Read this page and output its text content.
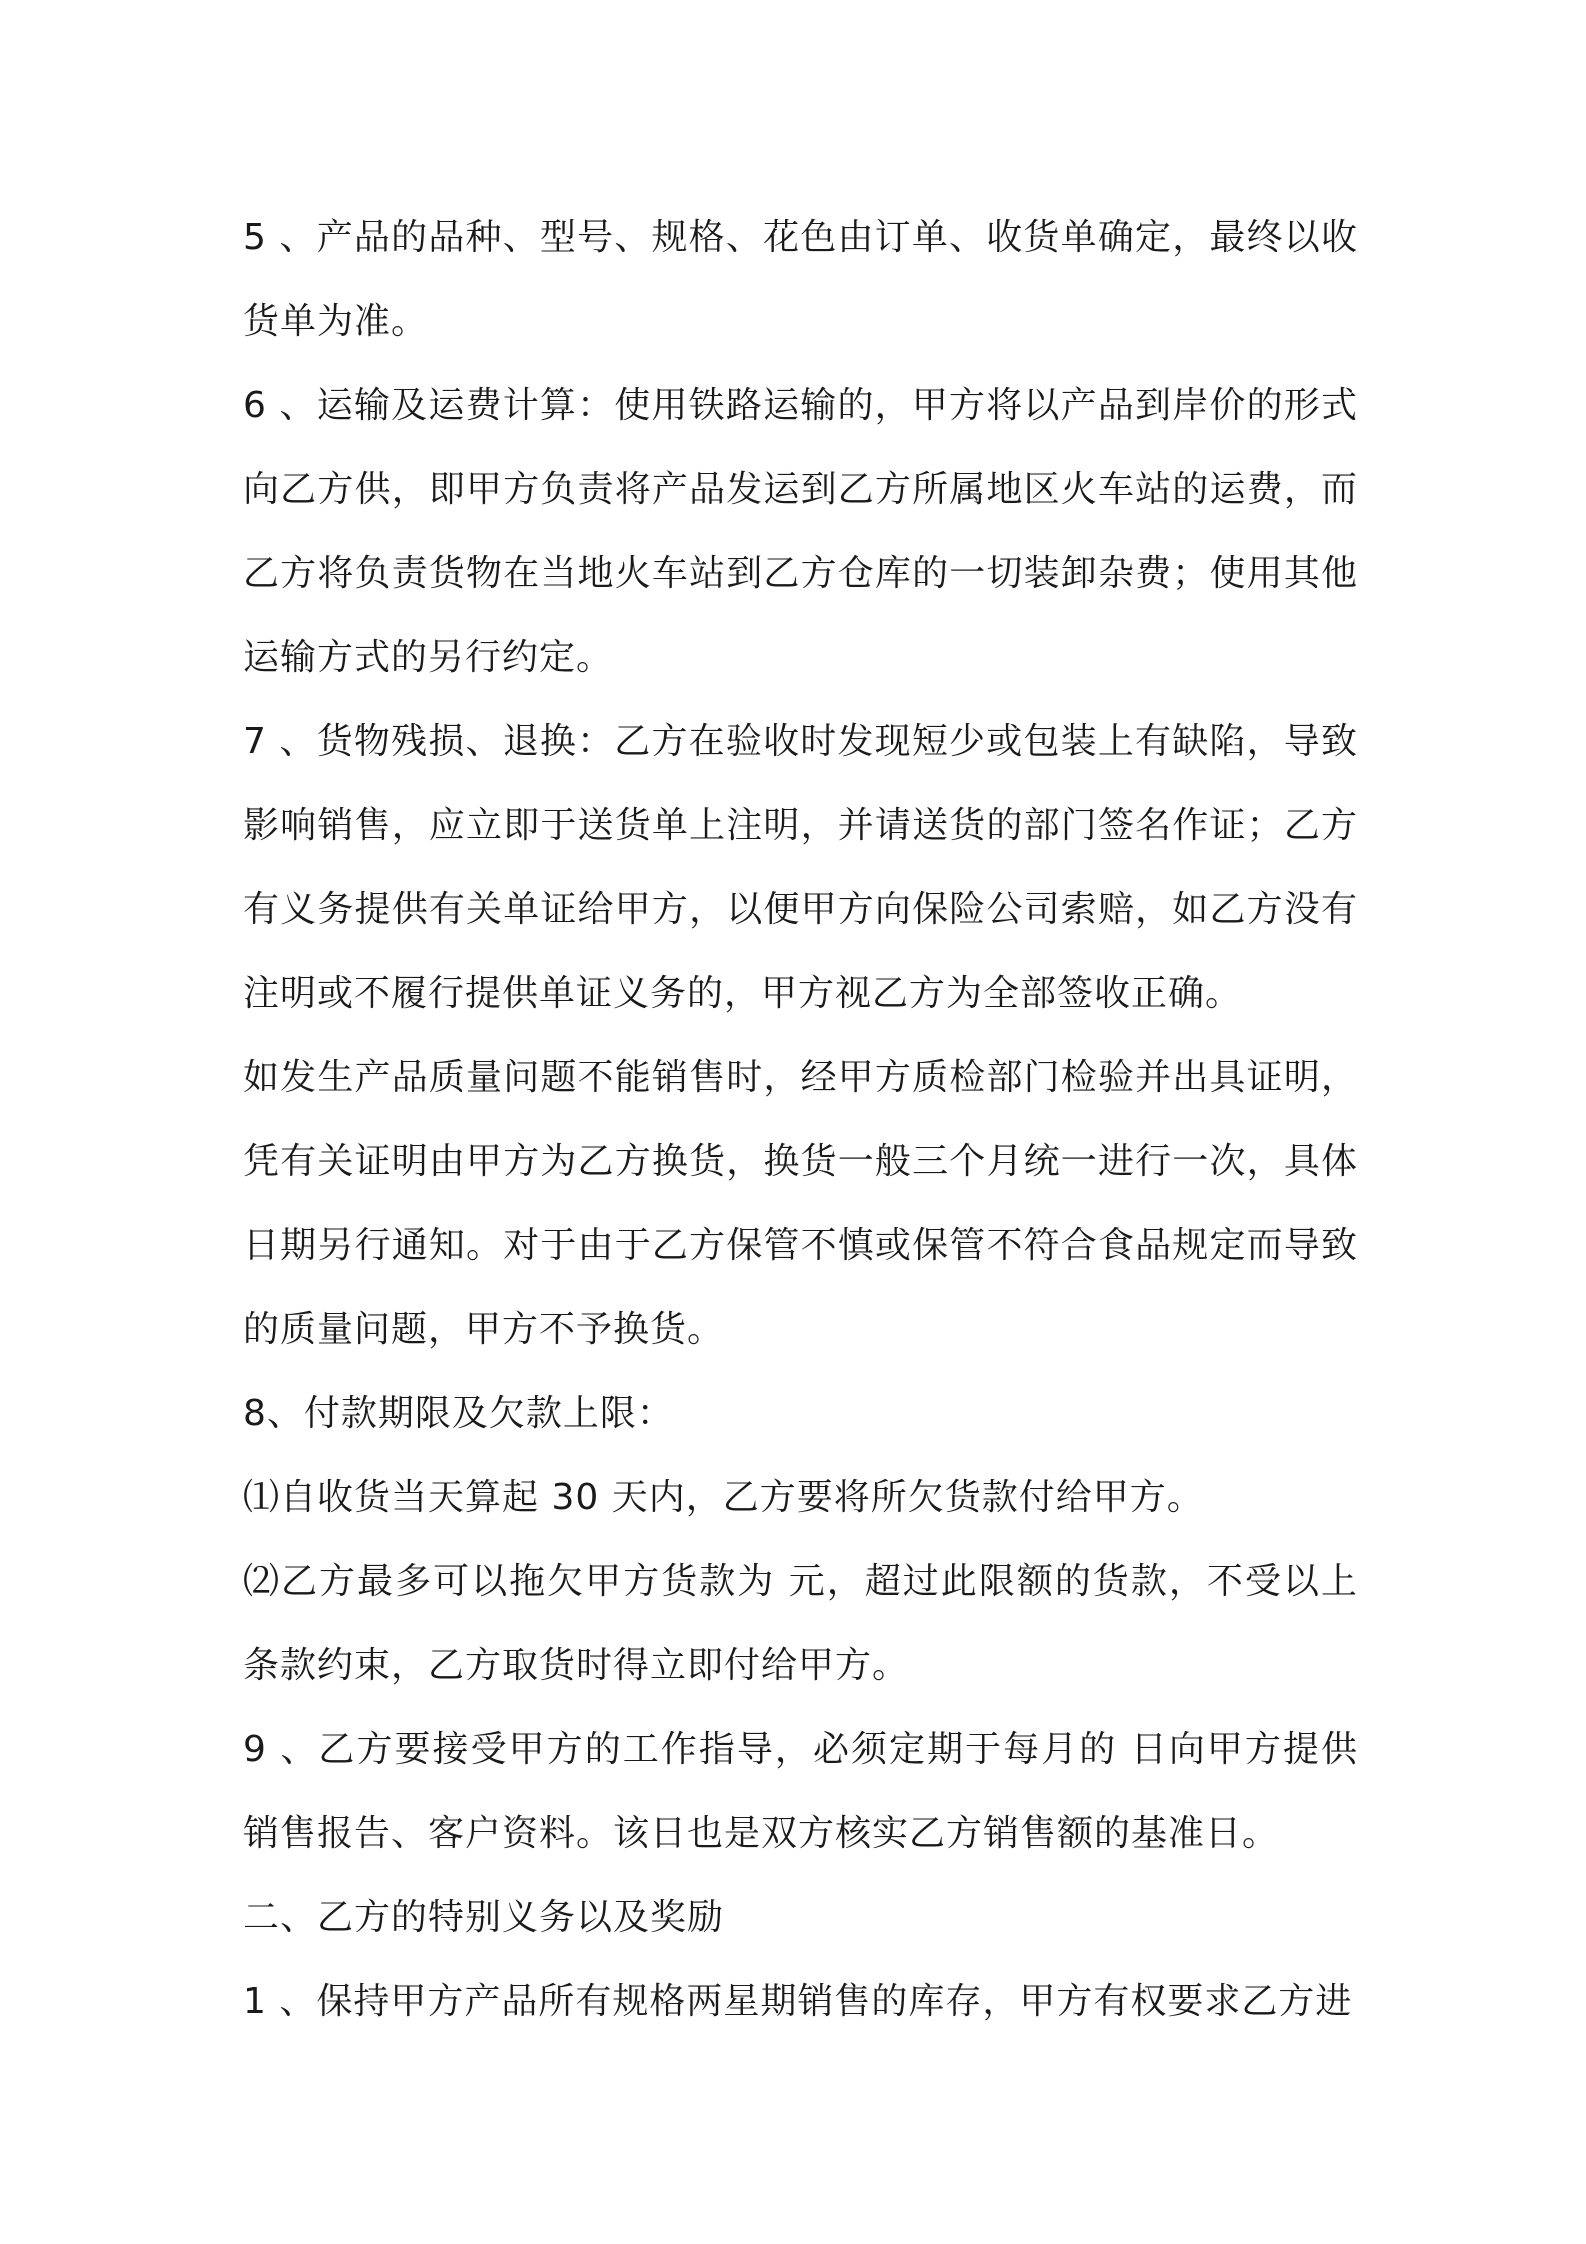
5 、产品的品种、型号、规格、花色由订单、收货单确定，最终以收货单为准。

6 、运输及运费计算：使用铁路运输的，甲方将以产品到岸价的形式向乙方供，即甲方负责将产品发运到乙方所属地区火车站的运费，而乙方将负责货物在当地火车站到乙方仓库的一切装卸杂费；使用其他运输方式的另行约定。

7 、货物残损、退换：乙方在验收时发现短少或包装上有缺陷，导致影响销售，应立即于送货单上注明，并请送货的部门签名作证；乙方有义务提供有关单证给甲方，以便甲方向保险公司索赔，如乙方没有注明或不履行提供单证义务的，甲方视乙方为全部签收正确。

如发生产品质量问题不能销售时，经甲方质检部门检验并出具证明，凭有关证明由甲方为乙方换货，换货一般三个月统一进行一次，具体日期另行通知。对于由于乙方保管不慎或保管不符合食品规定而导致的质量问题，甲方不予换货。

8、付款期限及欠款上限：

⑴自收货当天算起 30 天内，乙方要将所欠货款付给甲方。

⑵乙方最多可以拖欠甲方货款为 元，超过此限额的货款，不受以上条款约束，乙方取货时得立即付给甲方。

9 、乙方要接受甲方的工作指导，必须定期于每月的 日向甲方提供销售报告、客户资料。该日也是双方核实乙方销售额的基准日。

二、乙方的特别义务以及奖励

1 、保持甲方产品所有规格两星期销售的库存，甲方有权要求乙方进
